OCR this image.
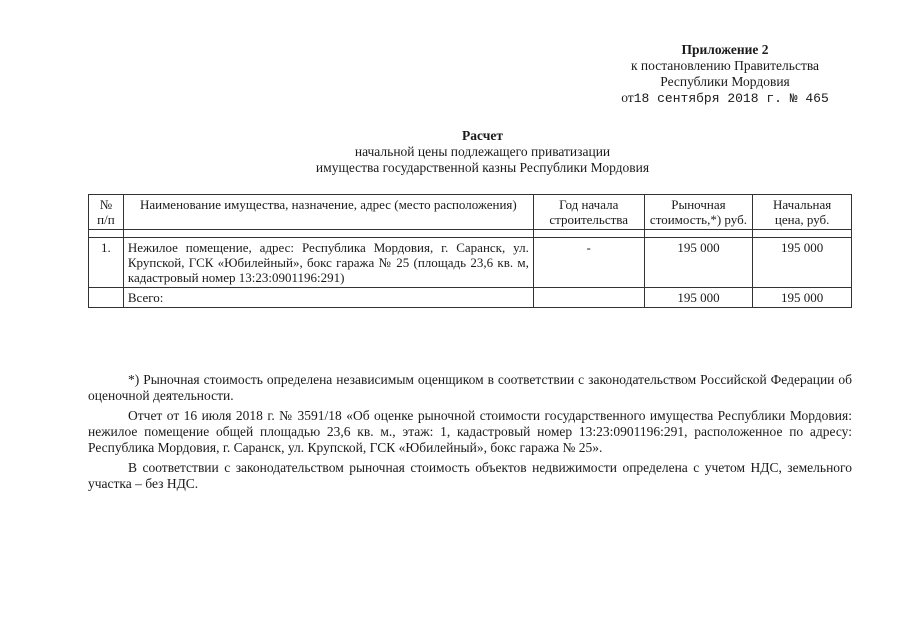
Приложение 2
к постановлению Правительства
Республики Мордовия
от18 сентября 2018 г. № 465
Расчет
начальной цены подлежащего приватизации
имущества государственной казны Республики Мордовия
№ п/п	Наименование имущества, назначение, адрес (место расположения)	Год начала строительства	Рыночная стоимость,*) руб.	Начальная цена, руб.

1.	Нежилое помещение, адрес: Республика Мордовия, г. Саранск, ул. Крупской, ГСК «Юбилейный», бокс гаража № 25 (площадь 23,6 кв. м, кадастровый номер 13:23:0901196:291)	-	195 000	195 000
	Всего:		195 000	195 000

*) Рыночная стоимость определена независимым оценщиком в соответствии с законодательством Российской Федерации об оценочной деятельности.

Отчет от 16 июля 2018 г. № 3591/18 «Об оценке рыночной стоимости государственного имущества Республики Мордовия: нежилое помещение общей площадью 23,6 кв. м., этаж: 1, кадастровый номер 13:23:0901196:291, расположенное по адресу: Республика Мордовия, г. Саранск, ул. Крупской, ГСК «Юбилейный», бокс гаража № 25».

В соответствии с законодательством рыночная стоимость объектов недвижимости определена с учетом НДС, земельного участка – без НДС.
